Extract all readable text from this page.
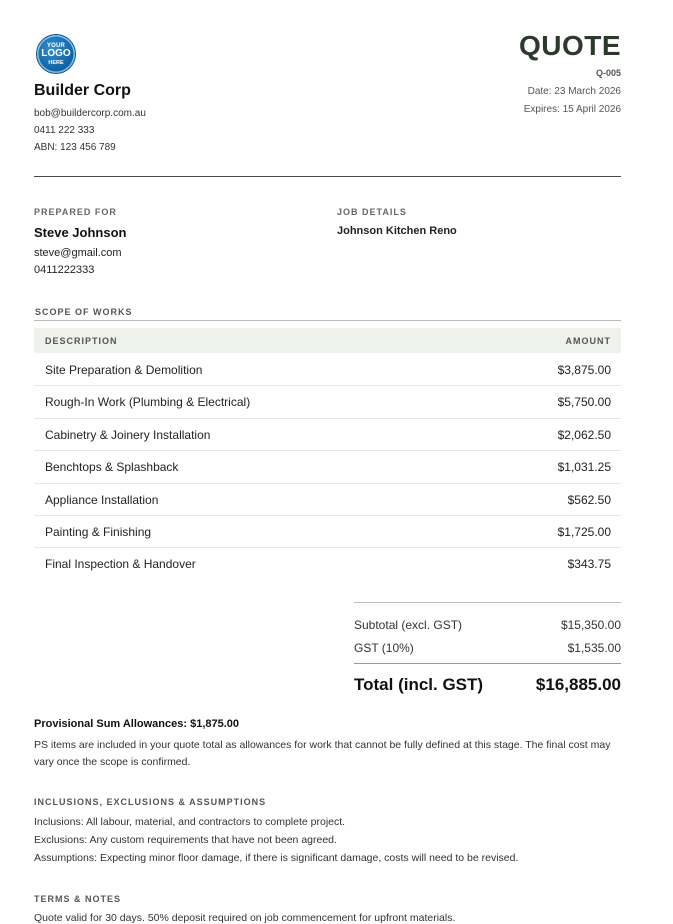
YOUR
LOGO
HERE
Builder Corp
bob@buildercorp.com.au
0411 222 333
ABN: 123 456 789
QUOTE
Q-005
Date: 23 March 2026
Expires: 15 April 2026
PREPARED FOR
Steve Johnson
steve@gmail.com
0411222333
JOB DETAILS
Johnson Kitchen Reno
SCOPE OF WORKS
DESCRIPTION	AMOUNT
Site Preparation & Demolition	$3,875.00
Rough-In Work (Plumbing & Electrical)	$5,750.00
Cabinetry & Joinery Installation	$2,062.50
Benchtops & Splashback	$1,031.25
Appliance Installation	$562.50
Painting & Finishing	$1,725.00
Final Inspection & Handover	$343.75
Subtotal (excl. GST)	$15,350.00
GST (10%)	$1,535.00
Total (incl. GST)	$16,885.00
Provisional Sum Allowances: $1,875.00
PS items are included in your quote total as allowances for work that cannot be fully defined at this stage. The final cost may vary once the scope is confirmed.
INCLUSIONS, EXCLUSIONS & ASSUMPTIONS
Inclusions: All labour, material, and contractors to complete project.
Exclusions: Any custom requirements that have not been agreed.
Assumptions: Expecting minor floor damage, if there is significant damage, costs will need to be revised.
TERMS & NOTES
Quote valid for 30 days. 50% deposit required on job commencement for upfront materials.
